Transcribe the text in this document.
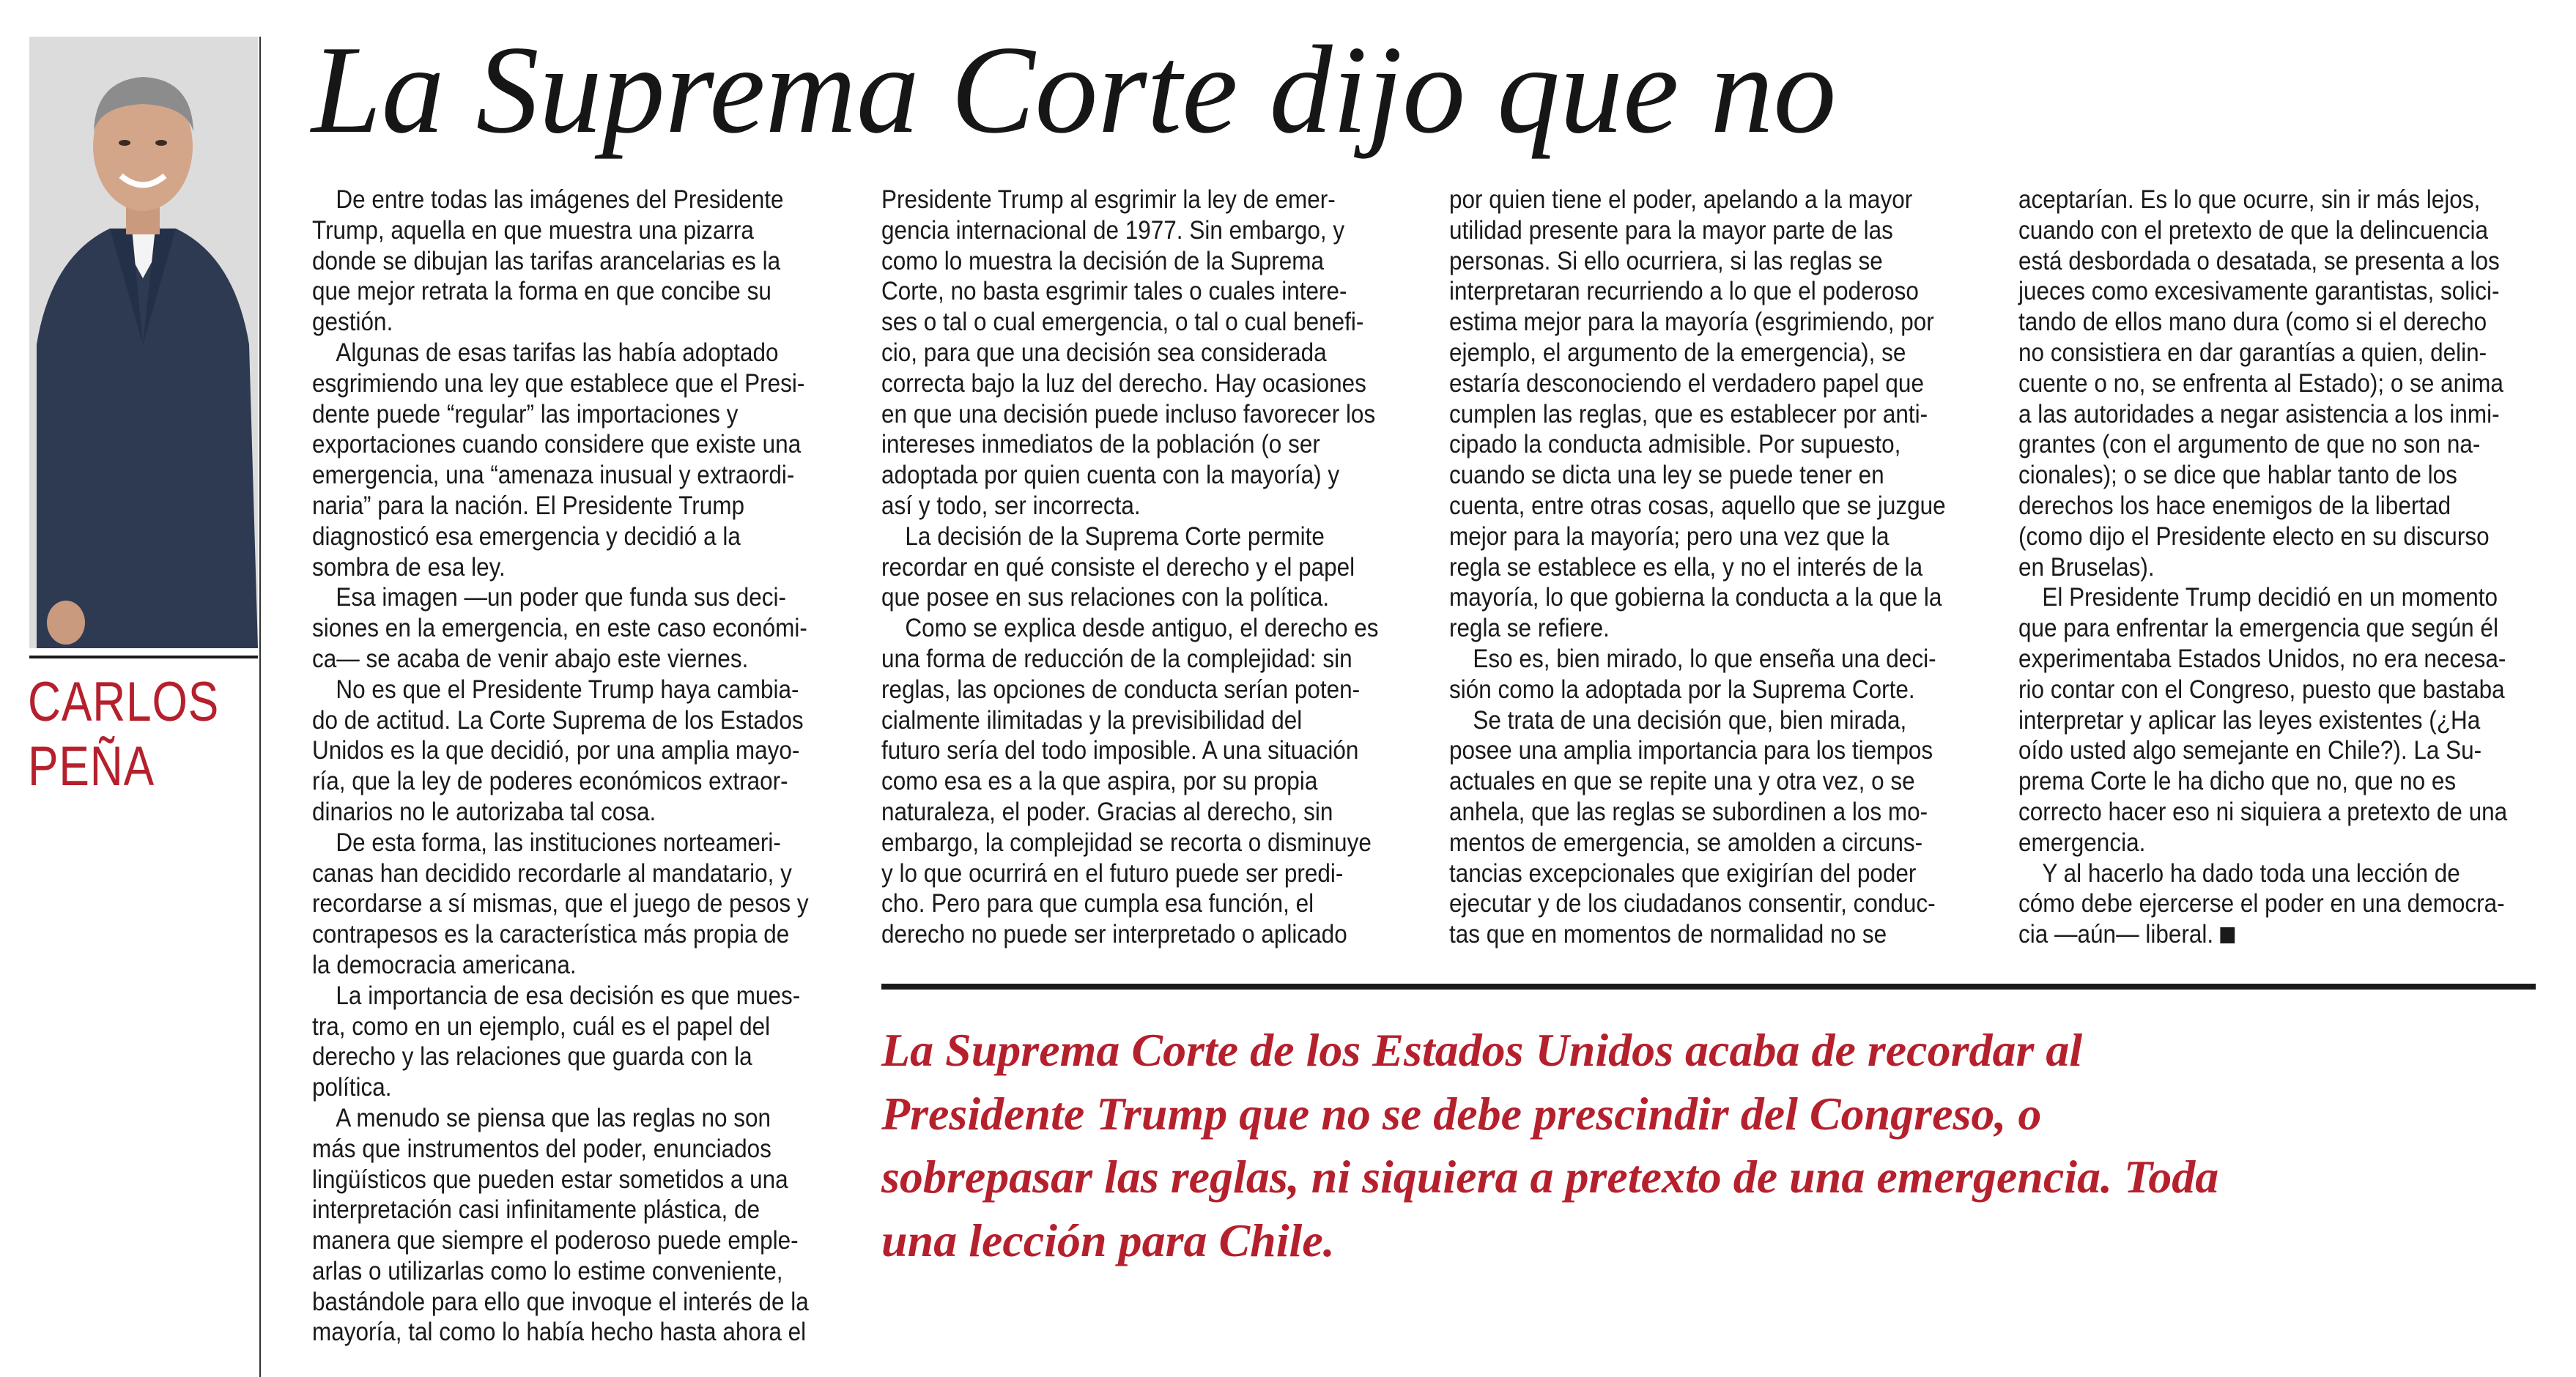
CARLOS
PEÑA
La Suprema Corte dijo que no
De entre todas las imágenes del Presidente
Trump, aquella en que muestra una pizarra
donde se dibujan las tarifas arancelarias es la
que mejor retrata la forma en que concibe su
gestión.
Algunas de esas tarifas las había adoptado
esgrimiendo una ley que establece que el Presi-
dente puede “regular” las importaciones y
exportaciones cuando considere que existe una
emergencia, una “amenaza inusual y extraordi-
naria” para la nación. El Presidente Trump
diagnosticó esa emergencia y decidió a la
sombra de esa ley.
Esa imagen —un poder que funda sus deci-
siones en la emergencia, en este caso económi-
ca— se acaba de venir abajo este viernes.
No es que el Presidente Trump haya cambia-
do de actitud. La Corte Suprema de los Estados
Unidos es la que decidió, por una amplia mayo-
ría, que la ley de poderes económicos extraor-
dinarios no le autorizaba tal cosa.
De esta forma, las instituciones norteameri-
canas han decidido recordarle al mandatario, y
recordarse a sí mismas, que el juego de pesos y
contrapesos es la característica más propia de
la democracia americana.
La importancia de esa decisión es que mues-
tra, como en un ejemplo, cuál es el papel del
derecho y las relaciones que guarda con la
política.
A menudo se piensa que las reglas no son
más que instrumentos del poder, enunciados
lingüísticos que pueden estar sometidos a una
interpretación casi infinitamente plástica, de
manera que siempre el poderoso puede emple-
arlas o utilizarlas como lo estime conveniente,
bastándole para ello que invoque el interés de la
mayoría, tal como lo había hecho hasta ahora el
Presidente Trump al esgrimir la ley de emer-
gencia internacional de 1977. Sin embargo, y
como lo muestra la decisión de la Suprema
Corte, no basta esgrimir tales o cuales intere-
ses o tal o cual emergencia, o tal o cual benefi-
cio, para que una decisión sea considerada
correcta bajo la luz del derecho. Hay ocasiones
en que una decisión puede incluso favorecer los
intereses inmediatos de la población (o ser
adoptada por quien cuenta con la mayoría) y
así y todo, ser incorrecta.
La decisión de la Suprema Corte permite
recordar en qué consiste el derecho y el papel
que posee en sus relaciones con la política.
Como se explica desde antiguo, el derecho es
una forma de reducción de la complejidad: sin
reglas, las opciones de conducta serían poten-
cialmente ilimitadas y la previsibilidad del
futuro sería del todo imposible. A una situación
como esa es a la que aspira, por su propia
naturaleza, el poder. Gracias al derecho, sin
embargo, la complejidad se recorta o disminuye
y lo que ocurrirá en el futuro puede ser predi-
cho. Pero para que cumpla esa función, el
derecho no puede ser interpretado o aplicado
por quien tiene el poder, apelando a la mayor
utilidad presente para la mayor parte de las
personas. Si ello ocurriera, si las reglas se
interpretaran recurriendo a lo que el poderoso
estima mejor para la mayoría (esgrimiendo, por
ejemplo, el argumento de la emergencia), se
estaría desconociendo el verdadero papel que
cumplen las reglas, que es establecer por anti-
cipado la conducta admisible. Por supuesto,
cuando se dicta una ley se puede tener en
cuenta, entre otras cosas, aquello que se juzgue
mejor para la mayoría; pero una vez que la
regla se establece es ella, y no el interés de la
mayoría, lo que gobierna la conducta a la que la
regla se refiere.
Eso es, bien mirado, lo que enseña una deci-
sión como la adoptada por la Suprema Corte.
Se trata de una decisión que, bien mirada,
posee una amplia importancia para los tiempos
actuales en que se repite una y otra vez, o se
anhela, que las reglas se subordinen a los mo-
mentos de emergencia, se amolden a circuns-
tancias excepcionales que exigirían del poder
ejecutar y de los ciudadanos consentir, conduc-
tas que en momentos de normalidad no se
aceptarían. Es lo que ocurre, sin ir más lejos,
cuando con el pretexto de que la delincuencia
está desbordada o desatada, se presenta a los
jueces como excesivamente garantistas, solici-
tando de ellos mano dura (como si el derecho
no consistiera en dar garantías a quien, delin-
cuente o no, se enfrenta al Estado); o se anima
a las autoridades a negar asistencia a los inmi-
grantes (con el argumento de que no son na-
cionales); o se dice que hablar tanto de los
derechos los hace enemigos de la libertad
(como dijo el Presidente electo en su discurso
en Bruselas).
El Presidente Trump decidió en un momento
que para enfrentar la emergencia que según él
experimentaba Estados Unidos, no era necesa-
rio contar con el Congreso, puesto que bastaba
interpretar y aplicar las leyes existentes (¿Ha
oído usted algo semejante en Chile?). La Su-
prema Corte le ha dicho que no, que no es
correcto hacer eso ni siquiera a pretexto de una
emergencia.
Y al hacerlo ha dado toda una lección de
cómo debe ejercerse el poder en una democra-
cia —aún— liberal.
La Suprema Corte de los Estados Unidos acaba de recordar al
Presidente Trump que no se debe prescindir del Congreso, o
sobrepasar las reglas, ni siquiera a pretexto de una emergencia. Toda
una lección para Chile.
